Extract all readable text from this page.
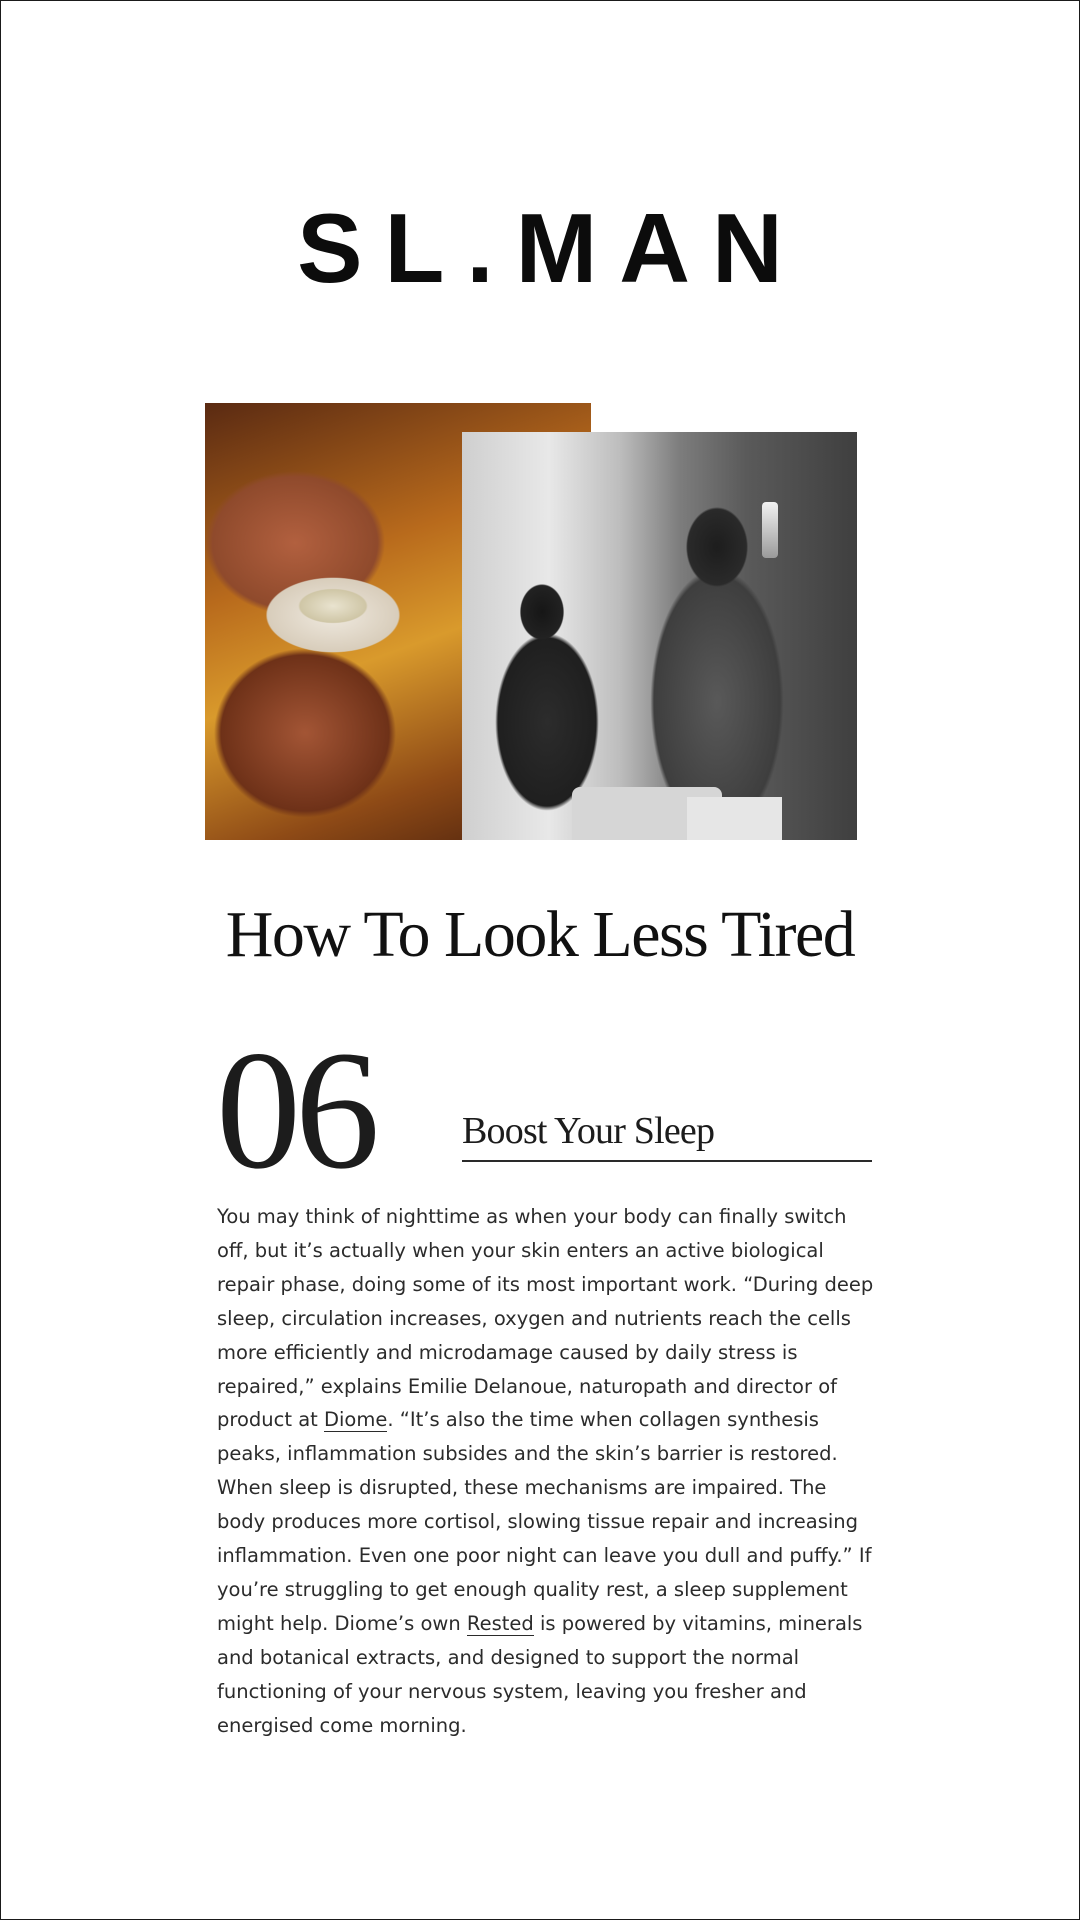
SL.MAN
How To Look Less Tired
06 Boost Your Sleep

You may think of nighttime as when your body can finally switch off, but it’s actually when your skin enters an active biological repair phase, doing some of its most important work. “During deep sleep, circulation increases, oxygen and nutrients reach the cells more efficiently and microdamage caused by daily stress is repaired,” explains Emilie Delanoue, naturopath and director of product at Diome. “It’s also the time when collagen synthesis peaks, inflammation subsides and the skin’s barrier is restored. When sleep is disrupted, these mechanisms are impaired. The body produces more cortisol, slowing tissue repair and increasing inflammation. Even one poor night can leave you dull and puffy.” If you’re struggling to get enough quality rest, a sleep supplement might help. Diome’s own Rested is powered by vitamins, minerals and botanical extracts, and designed to support the normal functioning of your nervous system, leaving you fresher and energised come morning.
